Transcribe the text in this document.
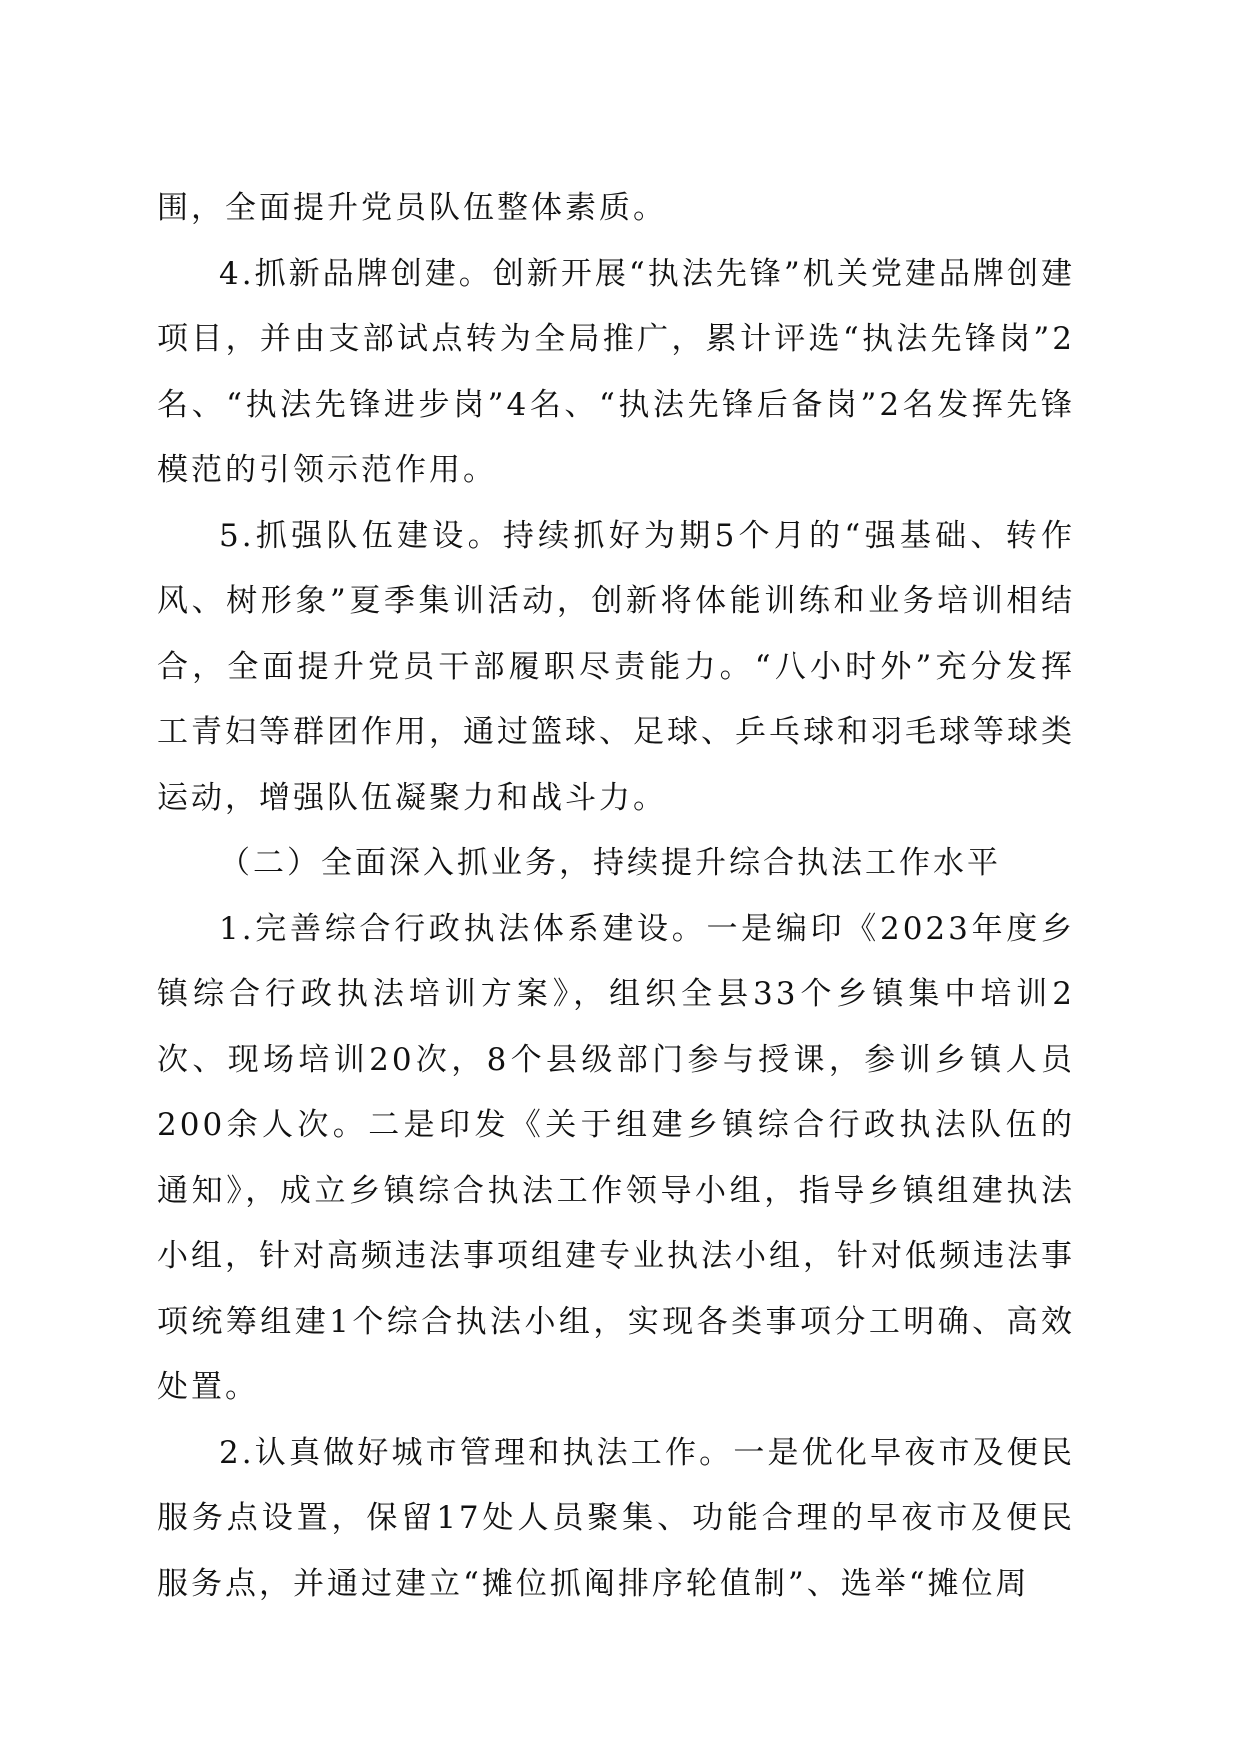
围，全面提升党员队伍整体素质。

4.抓新品牌创建。创新开展“执法先锋”机关党建品牌创建项目，并由支部试点转为全局推广，累计评选“执法先锋岗”2名、“执法先锋进步岗”4名、“执法先锋后备岗”2名发挥先锋模范的引领示范作用。

5.抓强队伍建设。持续抓好为期5个月的“强基础、转作风、树形象”夏季集训活动，创新将体能训练和业务培训相结合，全面提升党员干部履职尽责能力。“八小时外”充分发挥工青妇等群团作用，通过篮球、足球、乒乓球和羽毛球等球类运动，增强队伍凝聚力和战斗力。

（二）全面深入抓业务，持续提升综合执法工作水平

1.完善综合行政执法体系建设。一是编印《2023年度乡镇综合行政执法培训方案》，组织全县33个乡镇集中培训2次、现场培训20次，8个县级部门参与授课，参训乡镇人员200余人次。二是印发《关于组建乡镇综合行政执法队伍的通知》，成立乡镇综合执法工作领导小组，指导乡镇组建执法小组，针对高频违法事项组建专业执法小组，针对低频违法事项统筹组建1个综合执法小组，实现各类事项分工明确、高效处置。

2.认真做好城市管理和执法工作。一是优化早夜市及便民服务点设置，保留17处人员聚集、功能合理的早夜市及便民服务点，并通过建立“摊位抓阄排序轮值制”、选举“摊位周
